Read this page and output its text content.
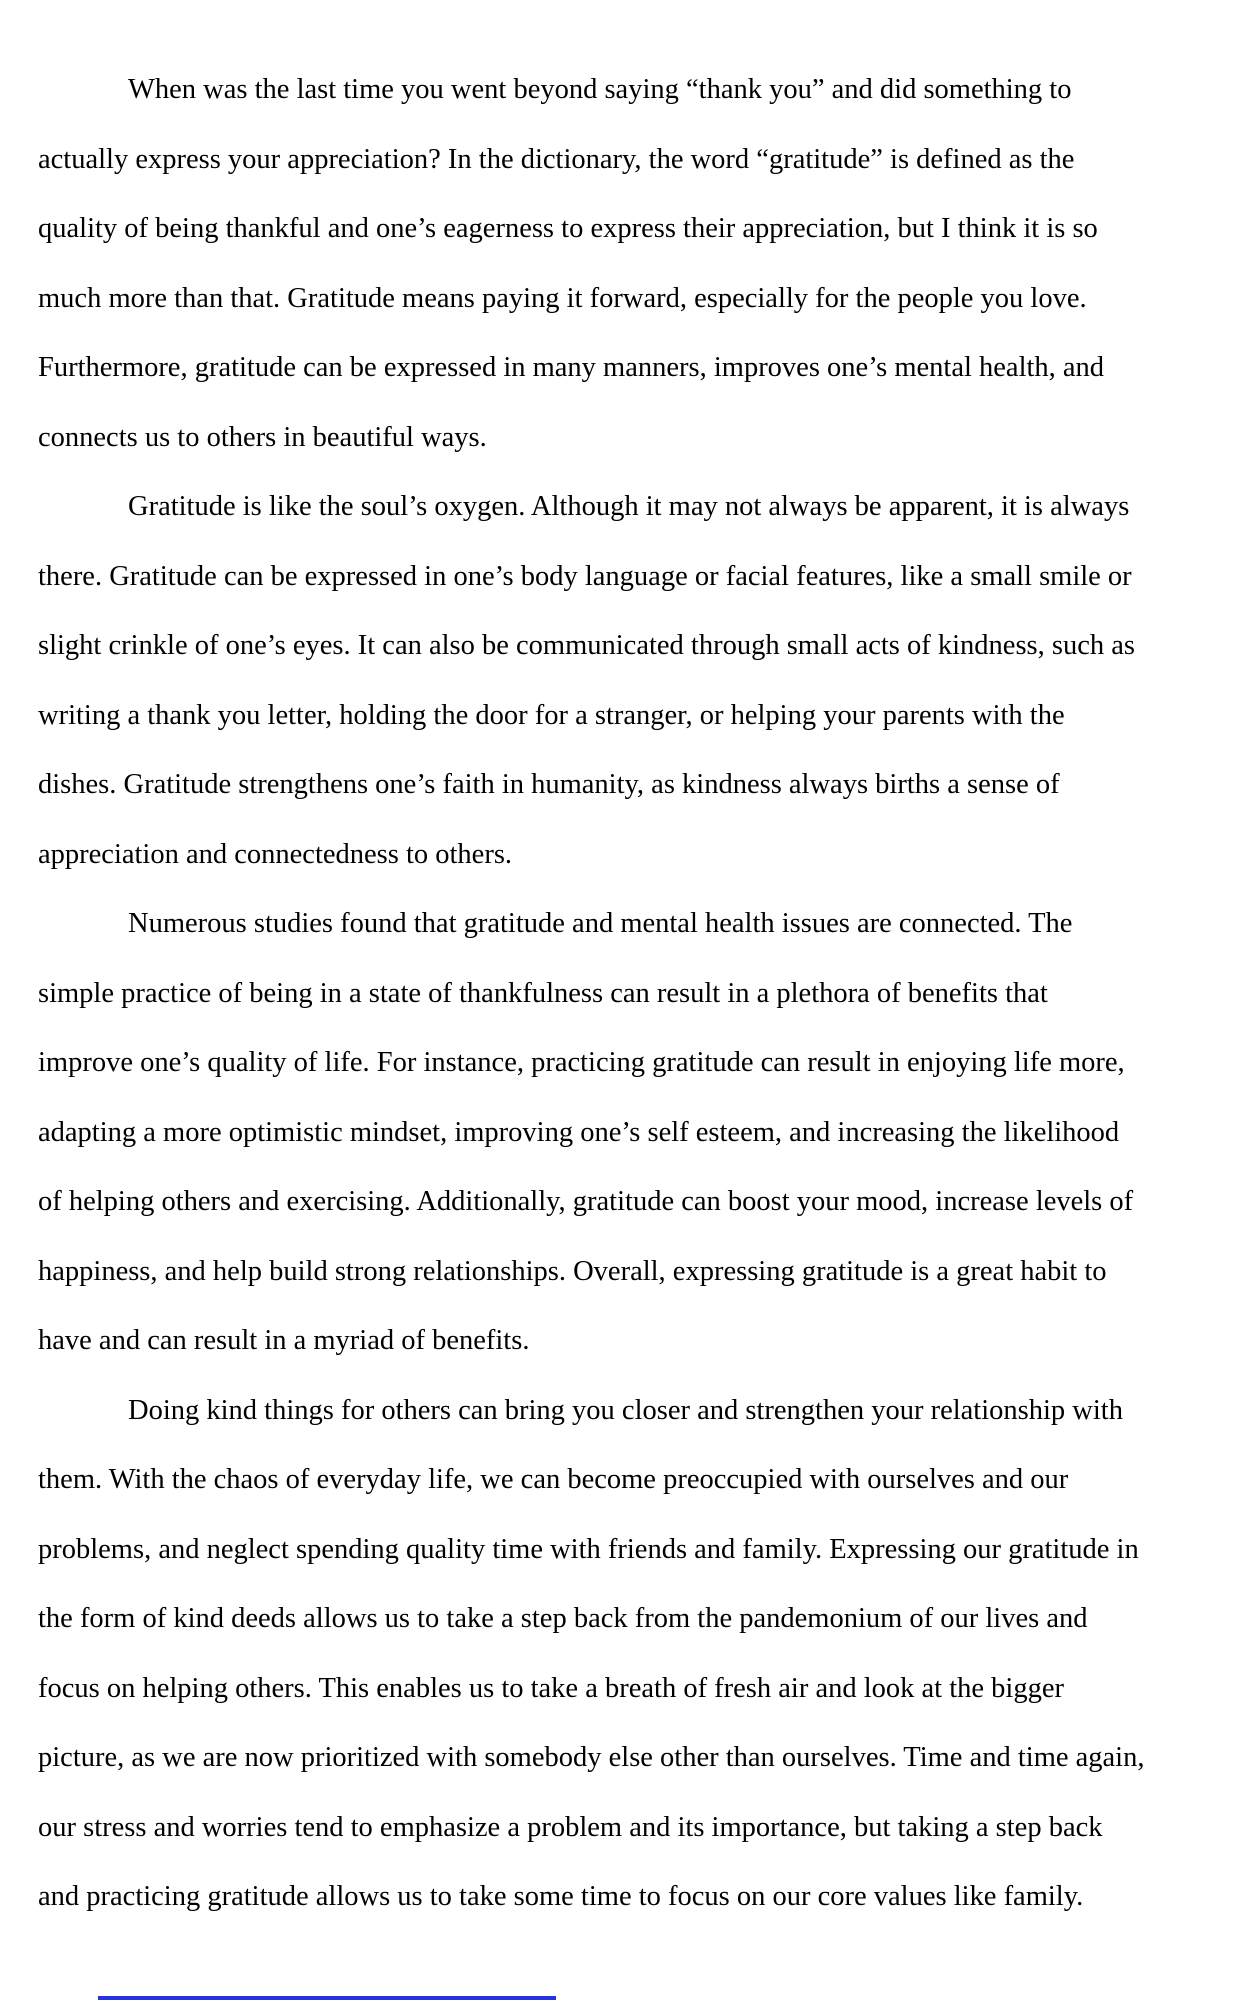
When was the last time you went beyond saying “thank you” and did something to
actually express your appreciation? In the dictionary, the word “gratitude” is defined as the
quality of being thankful and one’s eagerness to express their appreciation, but I think it is so
much more than that. Gratitude means paying it forward, especially for the people you love.
Furthermore, gratitude can be expressed in many manners, improves one’s mental health, and
connects us to others in beautiful ways.
Gratitude is like the soul’s oxygen. Although it may not always be apparent, it is always
there. Gratitude can be expressed in one’s body language or facial features, like a small smile or
slight crinkle of one’s eyes. It can also be communicated through small acts of kindness, such as
writing a thank you letter, holding the door for a stranger, or helping your parents with the
dishes. Gratitude strengthens one’s faith in humanity, as kindness always births a sense of
appreciation and connectedness to others.
Numerous studies found that gratitude and mental health issues are connected. The
simple practice of being in a state of thankfulness can result in a plethora of benefits that
improve one’s quality of life. For instance, practicing gratitude can result in enjoying life more,
adapting a more optimistic mindset, improving one’s self esteem, and increasing the likelihood
of helping others and exercising. Additionally, gratitude can boost your mood, increase levels of
happiness, and help build strong relationships. Overall, expressing gratitude is a great habit to
have and can result in a myriad of benefits.
Doing kind things for others can bring you closer and strengthen your relationship with
them. With the chaos of everyday life, we can become preoccupied with ourselves and our
problems, and neglect spending quality time with friends and family. Expressing our gratitude in
the form of kind deeds allows us to take a step back from the pandemonium of our lives and
focus on helping others. This enables us to take a breath of fresh air and look at the bigger
picture, as we are now prioritized with somebody else other than ourselves. Time and time again,
our stress and worries tend to emphasize a problem and its importance, but taking a step back
and practicing gratitude allows us to take some time to focus on our core values like family.
